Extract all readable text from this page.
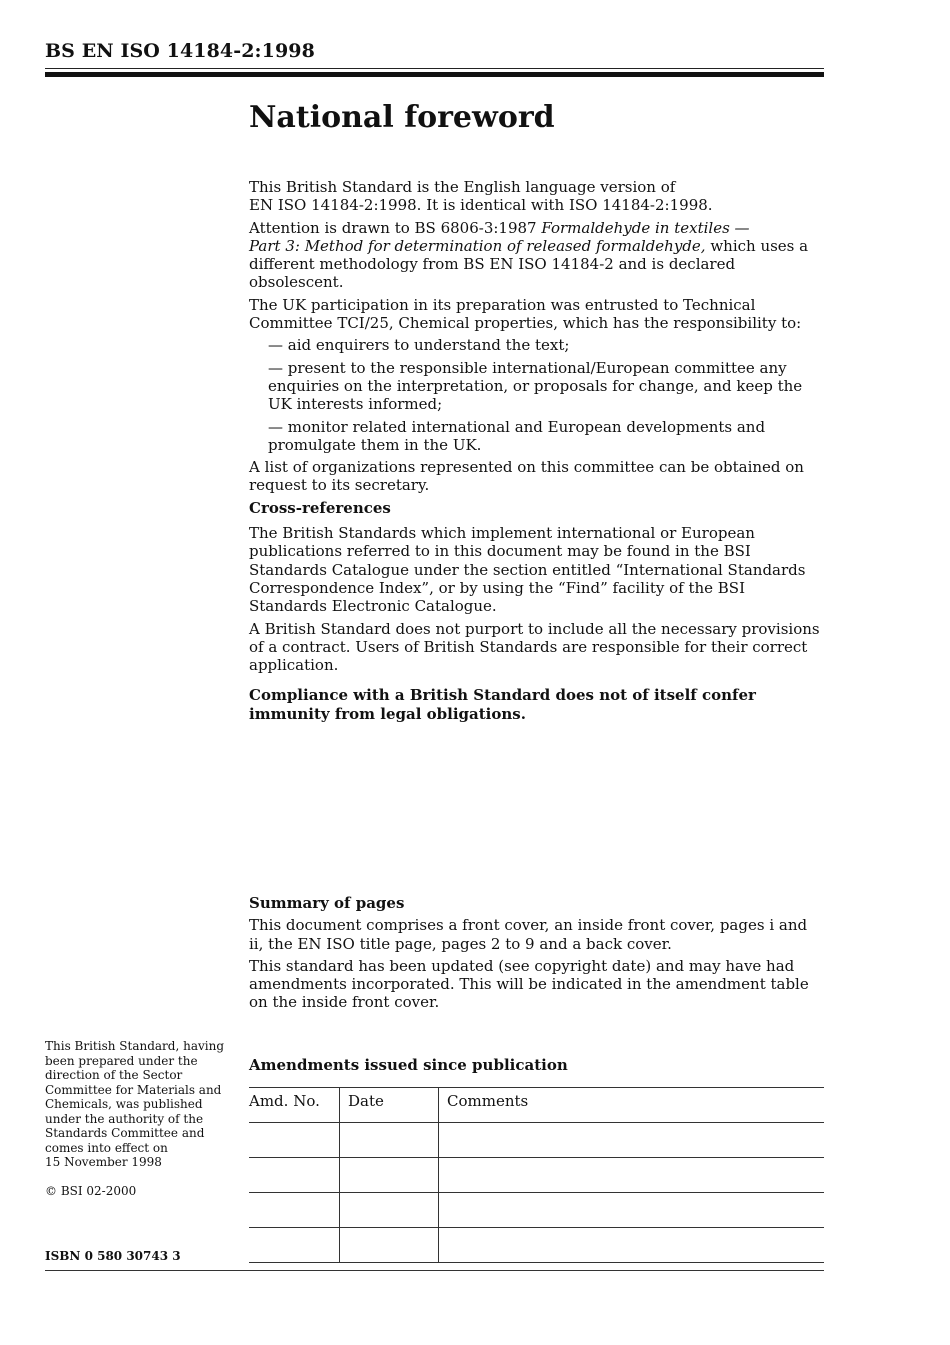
BS EN ISO 14184-2:1998
National foreword

This British Standard is the English language version of
EN ISO 14184-2:1998. It is identical with ISO 14184-2:1998.

Attention is drawn to BS 6806-3:1987 Formaldehyde in textiles —
Part 3: Method for determination of released formaldehyde, which uses a
different methodology from BS EN ISO 14184-2 and is declared obsolescent.

The UK participation in its preparation was entrusted to Technical Committee TCI/25, Chemical properties, which has the responsibility to:

— aid enquirers to understand the text;

— present to the responsible international/European committee any enquiries on the interpretation, or proposals for change, and keep the UK interests informed;

— monitor related international and European developments and promulgate them in the UK.

A list of organizations represented on this committee can be obtained on request to its secretary.

Cross-references

The British Standards which implement international or European publications referred to in this document may be found in the BSI Standards Catalogue under the section entitled “International Standards Correspondence Index”, or by using the “Find” facility of the BSI Standards Electronic Catalogue.

A British Standard does not purport to include all the necessary provisions of a contract. Users of British Standards are responsible for their correct application.

Compliance with a British Standard does not of itself confer immunity from legal obligations.

Summary of pages

This document comprises a front cover, an inside front cover, pages i and ii, the EN ISO title page, pages 2 to 9 and a back cover.

This standard has been updated (see copyright date) and may have had amendments incorporated. This will be indicated in the amendment table on the inside front cover.

Amendments issued since publication
Amd. No.	Date	Comments

This British Standard, having

been prepared under the

direction of the Sector

Committee for Materials and

Chemicals, was published

under the authority of the

Standards Committee and

comes into effect on

15 November 1998

© BSI 02-2000
ISBN 0 580 30743 3
